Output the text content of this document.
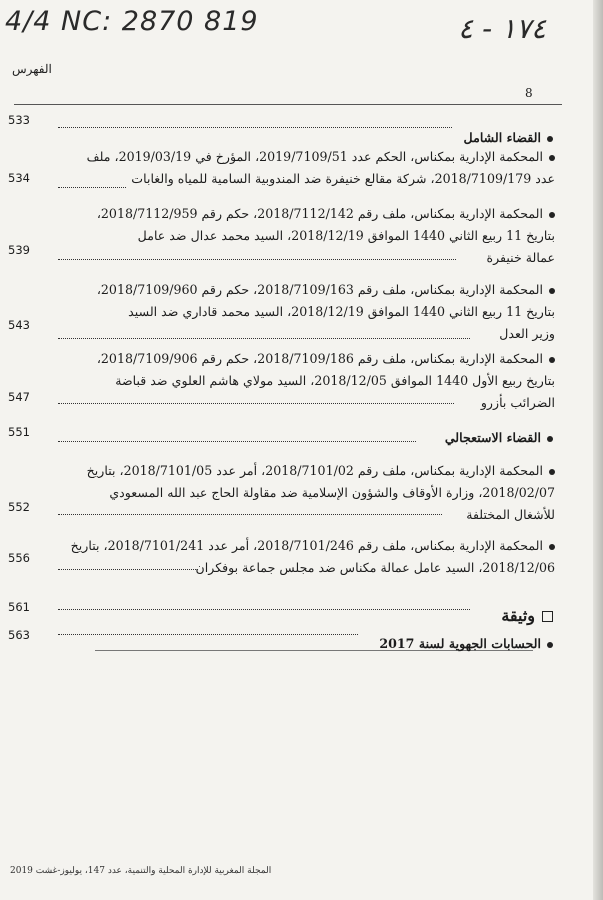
4/4 NC: 2870 819	١٧٤ - ٤
الفهرس
8
القضاء الشامل
533

المحكمة الإدارية بمكناس، الحكم عدد 2019/7109/51، المؤرخ في 2019/03/19، ملف

عدد 2018/7109/179، شركة مقالع خنيفرة ضد المندوبية السامية للمياه والغابات

534

المحكمة الإدارية بمكناس، ملف رقم 2018/7112/142، حكم رقم 2018/7112/959،

بتاريخ 11 ربيع الثاني 1440 الموافق 2018/12/19، السيد محمد عدال ضد عامل

عمالة خنيفرة

539

المحكمة الإدارية بمكناس، ملف رقم 2018/7109/163، حكم رقم 2018/7109/960،

بتاريخ 11 ربيع الثاني 1440 الموافق 2018/12/19، السيد محمد قاداري ضد السيد

وزير العدل

543

المحكمة الإدارية بمكناس، ملف رقم 2018/7109/186، حكم رقم 2018/7109/906،

بتاريخ ربيع الأول 1440 الموافق 2018/12/05، السيد مولاي هاشم العلوي ضد قباضة

الضرائب بأزرو

547
القضاء الاستعجالي
551

المحكمة الإدارية بمكناس، ملف رقم 2018/7101/02، أمر عدد 2018/7101/05، بتاريخ

2018/02/07، وزارة الأوقاف والشؤون الإسلامية ضد مقاولة الحاج عبد الله المسعودي

للأشغال المختلفة

552

المحكمة الإدارية بمكناس، ملف رقم 2018/7101/246، أمر عدد 2018/7101/241، بتاريخ

2018/12/06، السيد عامل عمالة مكناس ضد مجلس جماعة بوفكران

556
وثيقة
561
الحسابات الجهوية لسنة 2017
563
المجلة المغربية للإدارة المحلية والتنمية، عدد 147، يوليوز-غشت 2019
